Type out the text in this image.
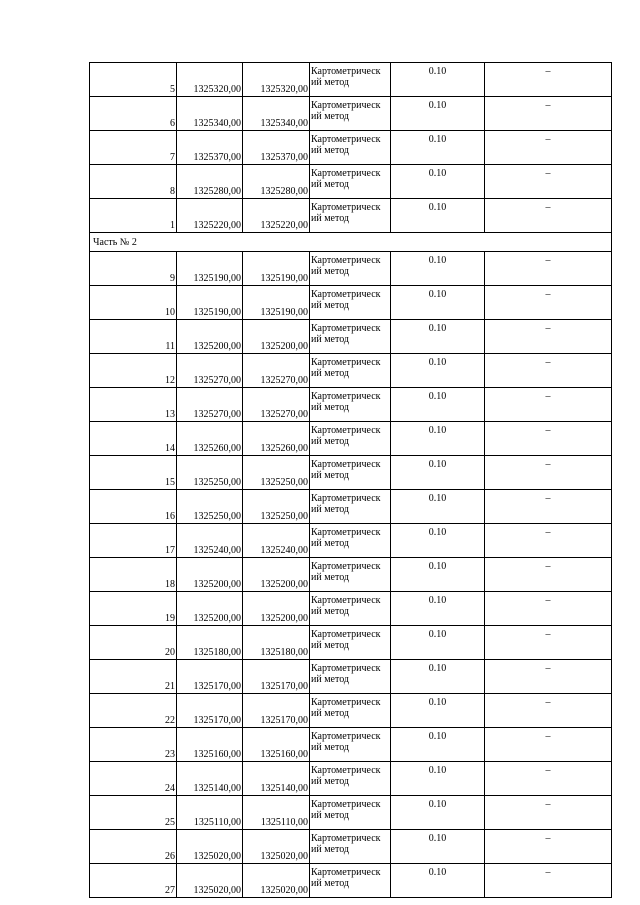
5	1325320,00	1325320,00	Картометрическ
ий метод	0.10	–
6	1325340,00	1325340,00	Картометрическ
ий метод	0.10	–
7	1325370,00	1325370,00	Картометрическ
ий метод	0.10	–
8	1325280,00	1325280,00	Картометрическ
ий метод	0.10	–
1	1325220,00	1325220,00	Картометрическ
ий метод	0.10	–
Часть № 2					
9	1325190,00	1325190,00	Картометрическ
ий метод	0.10	–
10	1325190,00	1325190,00	Картометрическ
ий метод	0.10	–
11	1325200,00	1325200,00	Картометрическ
ий метод	0.10	–
12	1325270,00	1325270,00	Картометрическ
ий метод	0.10	–
13	1325270,00	1325270,00	Картометрическ
ий метод	0.10	–
14	1325260,00	1325260,00	Картометрическ
ий метод	0.10	–
15	1325250,00	1325250,00	Картометрическ
ий метод	0.10	–
16	1325250,00	1325250,00	Картометрическ
ий метод	0.10	–
17	1325240,00	1325240,00	Картометрическ
ий метод	0.10	–
18	1325200,00	1325200,00	Картометрическ
ий метод	0.10	–
19	1325200,00	1325200,00	Картометрическ
ий метод	0.10	–
20	1325180,00	1325180,00	Картометрическ
ий метод	0.10	–
21	1325170,00	1325170,00	Картометрическ
ий метод	0.10	–
22	1325170,00	1325170,00	Картометрическ
ий метод	0.10	–
23	1325160,00	1325160,00	Картометрическ
ий метод	0.10	–
24	1325140,00	1325140,00	Картометрическ
ий метод	0.10	–
25	1325110,00	1325110,00	Картометрическ
ий метод	0.10	–
26	1325020,00	1325020,00	Картометрическ
ий метод	0.10	–
27	1325020,00	1325020,00	Картометрическ
ий метод	0.10	–
